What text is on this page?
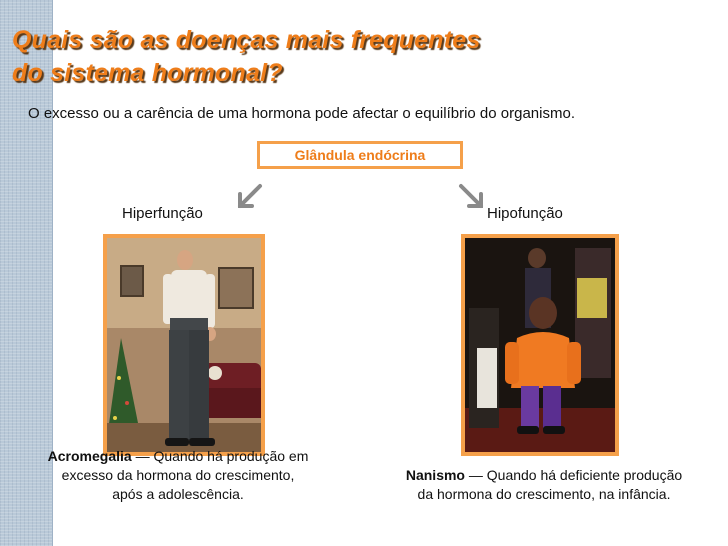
Quais são as doenças mais frequentes
do sistema hormonal?
O excesso ou a carência de uma hormona pode afectar o equilíbrio do organismo.
Glândula endócrina
Hiperfunção	Hipofunção
Acromegalia — Quando há produção em
excesso da hormona do crescimento,
após a adolescência.
Nanismo — Quando há deficiente produção
da hormona do crescimento, na infância.
